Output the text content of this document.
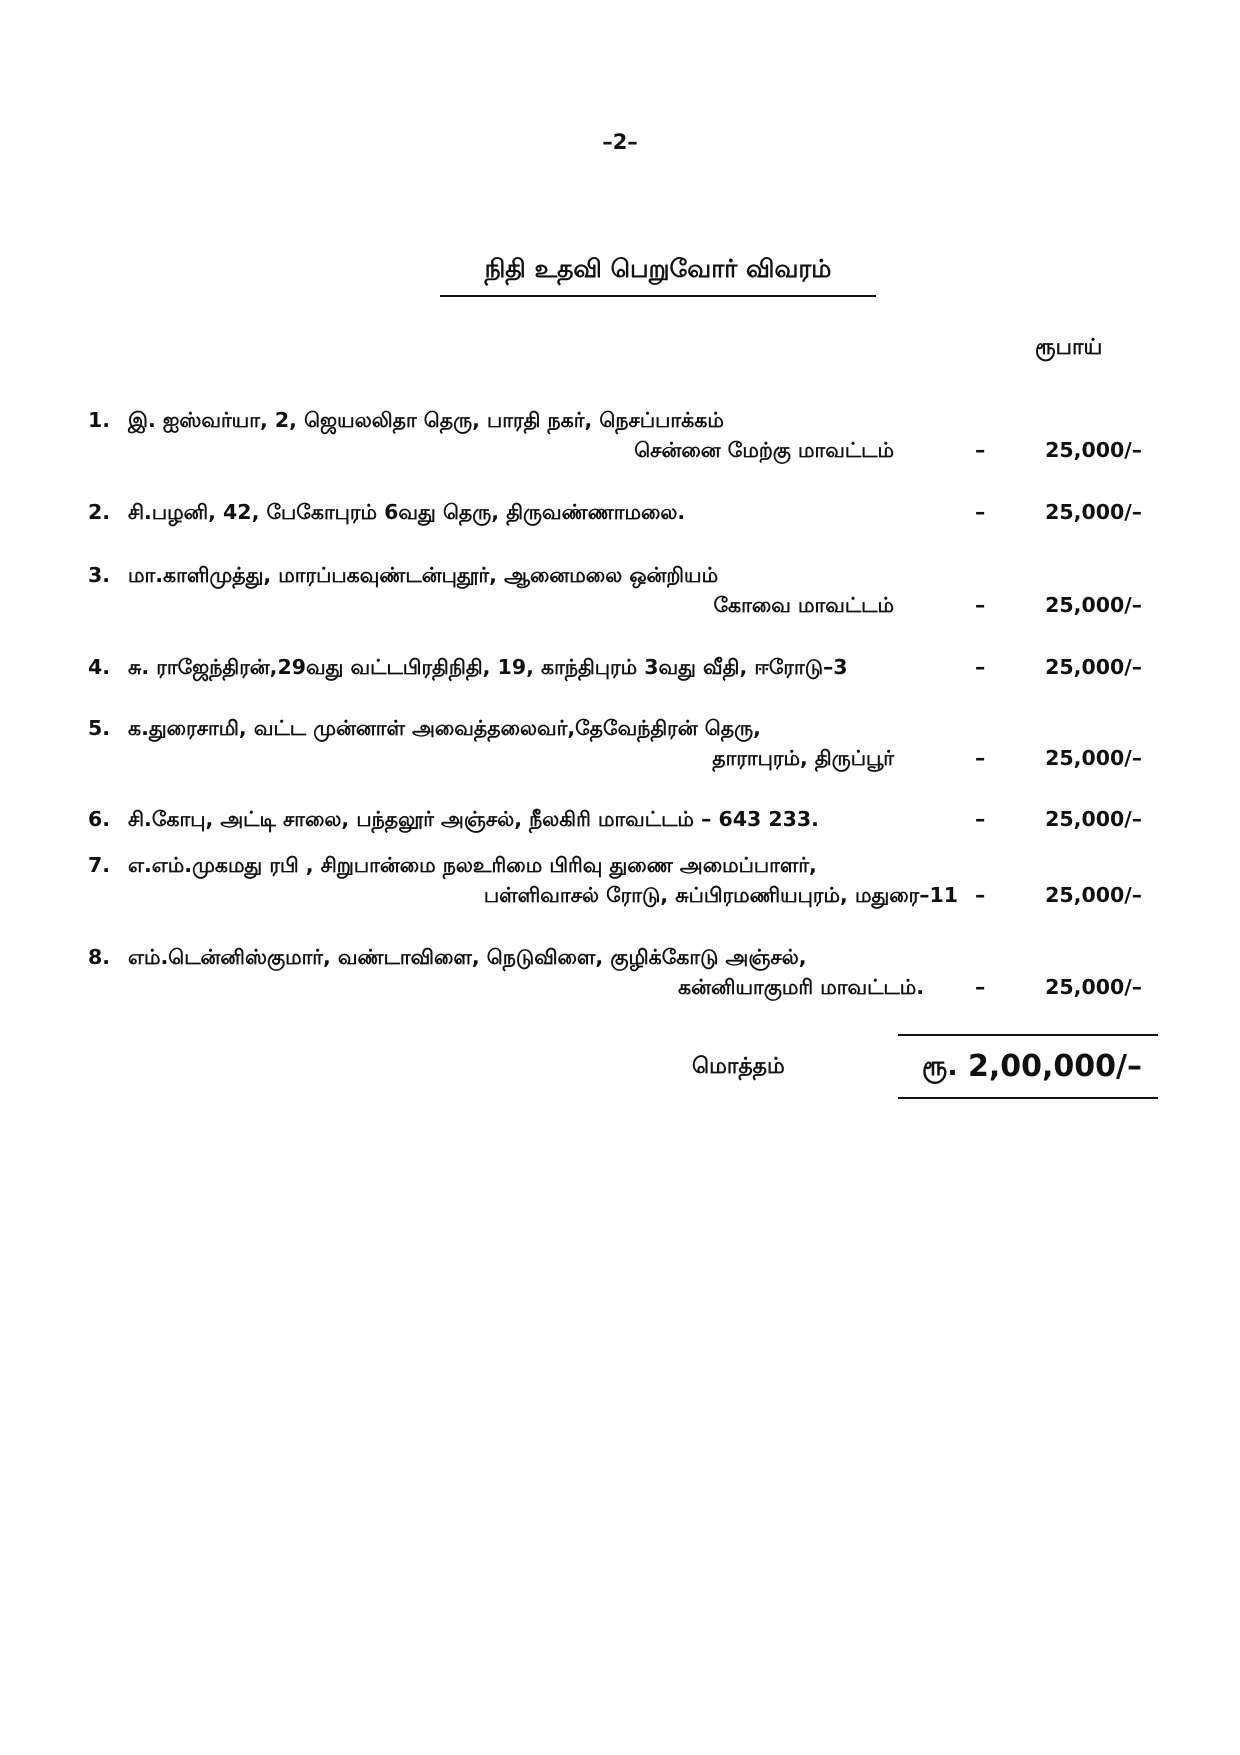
–2–
நிதி உதவி பெறுவோர் விவரம்
ரூபாய்
1. இ. ஐஸ்வர்யா, 2, ஜெயலலிதா தெரு, பாரதி நகர், நெசப்பாக்கம்
சென்னை மேற்கு மாவட்டம்	–	25,000/–
2. சி.பழனி, 42, பேகோபுரம் 6வது தெரு, திருவண்ணாமலை.	–	25,000/–
3. மா.காளிமுத்து, மாரப்பகவுண்டன்புதூர், ஆனைமலை ஒன்றியம்
கோவை மாவட்டம்	–	25,000/–
4. சு. ராஜேந்திரன்,29வது வட்டபிரதிநிதி, 19, காந்திபுரம் 3வது வீதி, ஈரோடு–3	–	25,000/–
5. க.துரைசாமி, வட்ட முன்னாள் அவைத்தலைவர்,தேவேந்திரன் தெரு,
தாராபுரம், திருப்பூர்	–	25,000/–
6. சி.கோபு, அட்டி சாலை, பந்தலூர் அஞ்சல், நீலகிரி மாவட்டம் – 643 233.	–	25,000/–
7. எ.எம்.முகமது ரபி , சிறுபான்மை நலஉரிமை பிரிவு துணை அமைப்பாளர்,
பள்ளிவாசல் ரோடு, சுப்பிரமணியபுரம், மதுரை–11 –	25,000/–
8. எம்.டென்னிஸ்குமார், வண்டாவிளை, நெடுவிளை, குழிக்கோடு அஞ்சல்,
கன்னியாகுமரி மாவட்டம். –	25,000/–
மொத்தம்	ரூ. 2,00,000/–
